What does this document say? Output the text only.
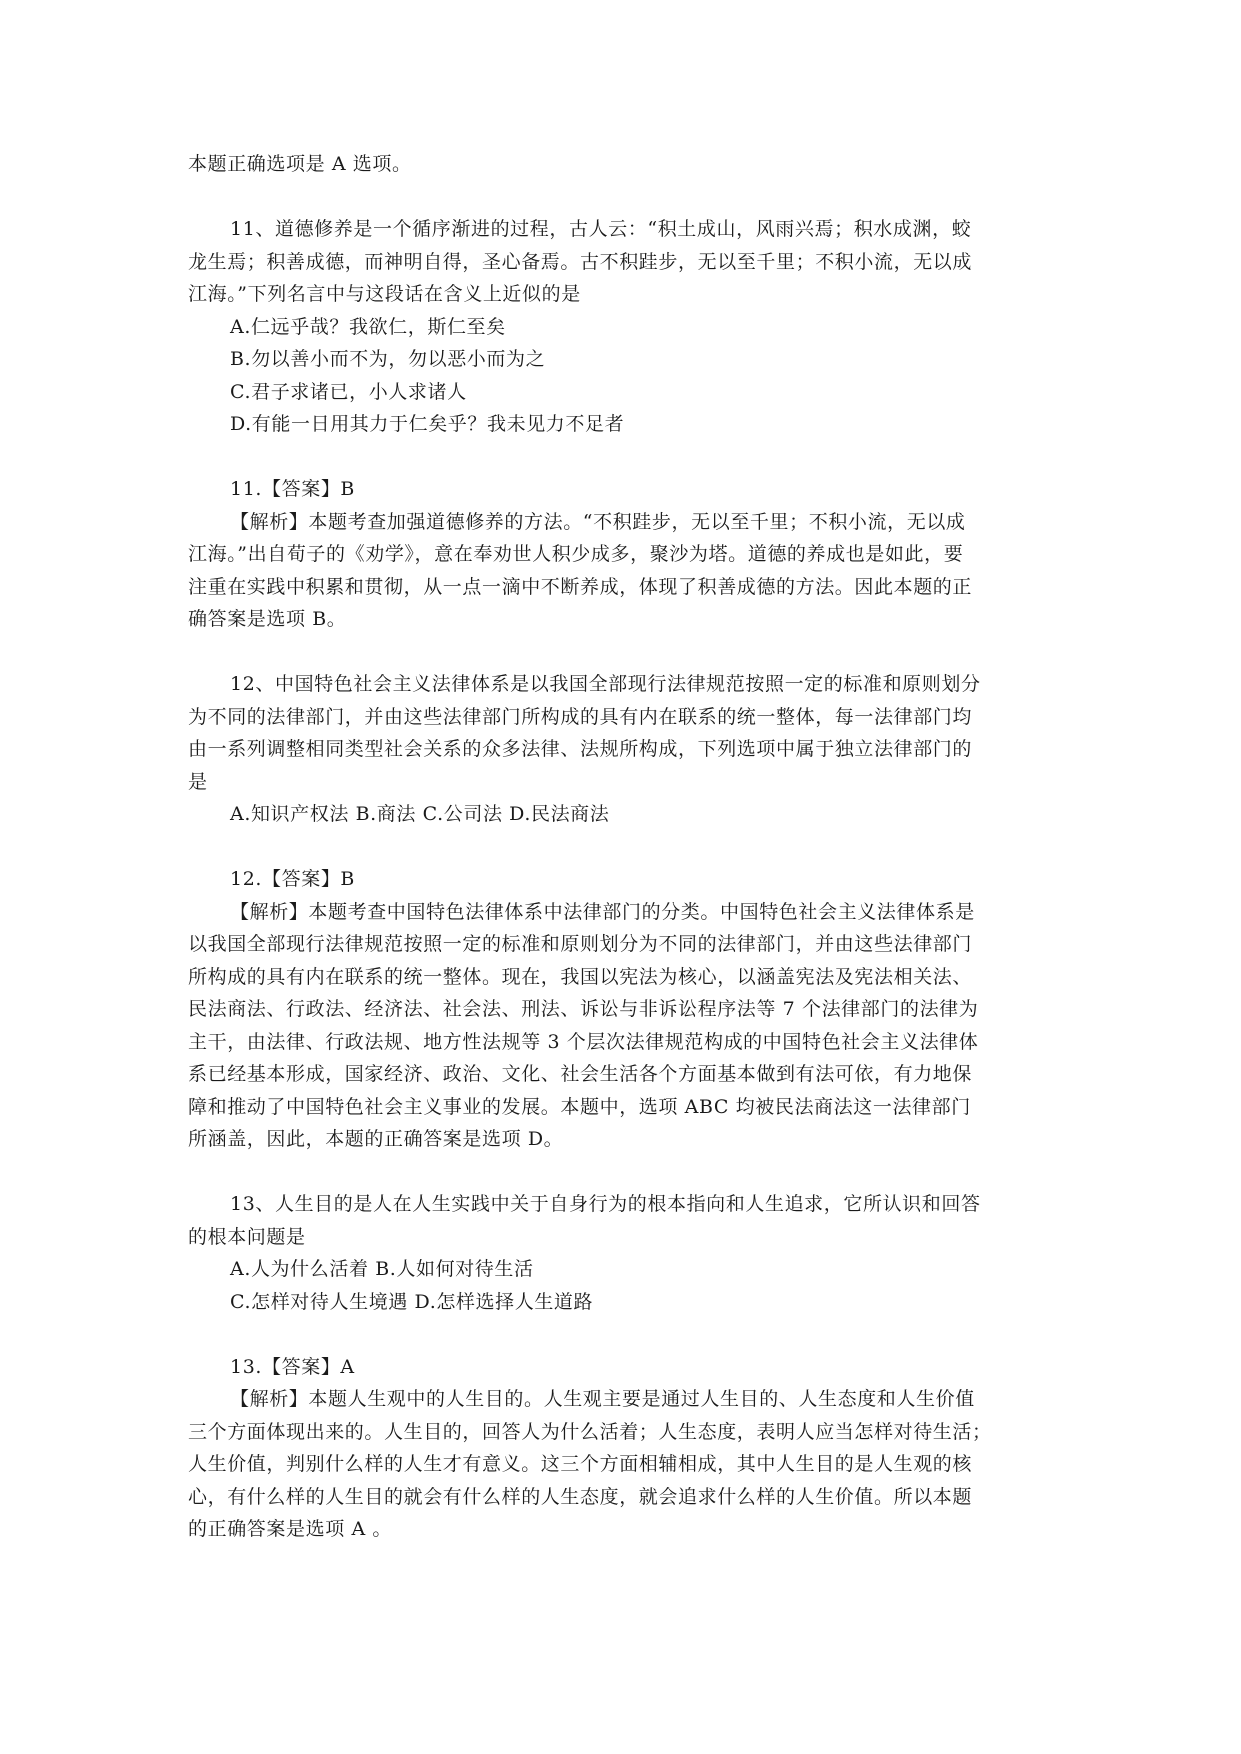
本题正确选项是 A 选项。
11、道德修养是一个循序渐进的过程，古人云：“积土成山，风雨兴焉；积水成渊，蛟
龙生焉；积善成德，而神明自得，圣心备焉。古不积跬步，无以至千里；不积小流，无以成
江海。”下列名言中与这段话在含义上近似的是
A.仁远乎哉？我欲仁，斯仁至矣
B.勿以善小而不为，勿以恶小而为之
C.君子求诸已，小人求诸人
D.有能一日用其力于仁矣乎？我未见力不足者
11.【答案】B
【解析】本题考查加强道德修养的方法。“不积跬步，无以至千里；不积小流，无以成
江海。”出自荀子的《劝学》，意在奉劝世人积少成多，聚沙为塔。道德的养成也是如此，要
注重在实践中积累和贯彻，从一点一滴中不断养成，体现了积善成德的方法。因此本题的正
确答案是选项 B。
12、中国特色社会主义法律体系是以我国全部现行法律规范按照一定的标准和原则划分
为不同的法律部门，并由这些法律部门所构成的具有内在联系的统一整体，每一法律部门均
由一系列调整相同类型社会关系的众多法律、法规所构成，下列选项中属于独立法律部门的
是
A.知识产权法 B.商法 C.公司法 D.民法商法
12.【答案】B
【解析】本题考查中国特色法律体系中法律部门的分类。中国特色社会主义法律体系是
以我国全部现行法律规范按照一定的标准和原则划分为不同的法律部门，并由这些法律部门
所构成的具有内在联系的统一整体。现在，我国以宪法为核心，以涵盖宪法及宪法相关法、
民法商法、行政法、经济法、社会法、刑法、诉讼与非诉讼程序法等 7 个法律部门的法律为
主干，由法律、行政法规、地方性法规等 3 个层次法律规范构成的中国特色社会主义法律体
系已经基本形成，国家经济、政治、文化、社会生活各个方面基本做到有法可依，有力地保
障和推动了中国特色社会主义事业的发展。本题中，选项 ABC 均被民法商法这一法律部门
所涵盖，因此，本题的正确答案是选项 D。
13、人生目的是人在人生实践中关于自身行为的根本指向和人生追求，它所认识和回答
的根本问题是
A.人为什么活着 B.人如何对待生活
C.怎样对待人生境遇 D.怎样选择人生道路
13.【答案】A
【解析】本题人生观中的人生目的。人生观主要是通过人生目的、人生态度和人生价值
三个方面体现出来的。人生目的，回答人为什么活着；人生态度，表明人应当怎样对待生活；
人生价值，判别什么样的人生才有意义。这三个方面相辅相成，其中人生目的是人生观的核
心，有什么样的人生目的就会有什么样的人生态度，就会追求什么样的人生价值。所以本题
的正确答案是选项 A 。
